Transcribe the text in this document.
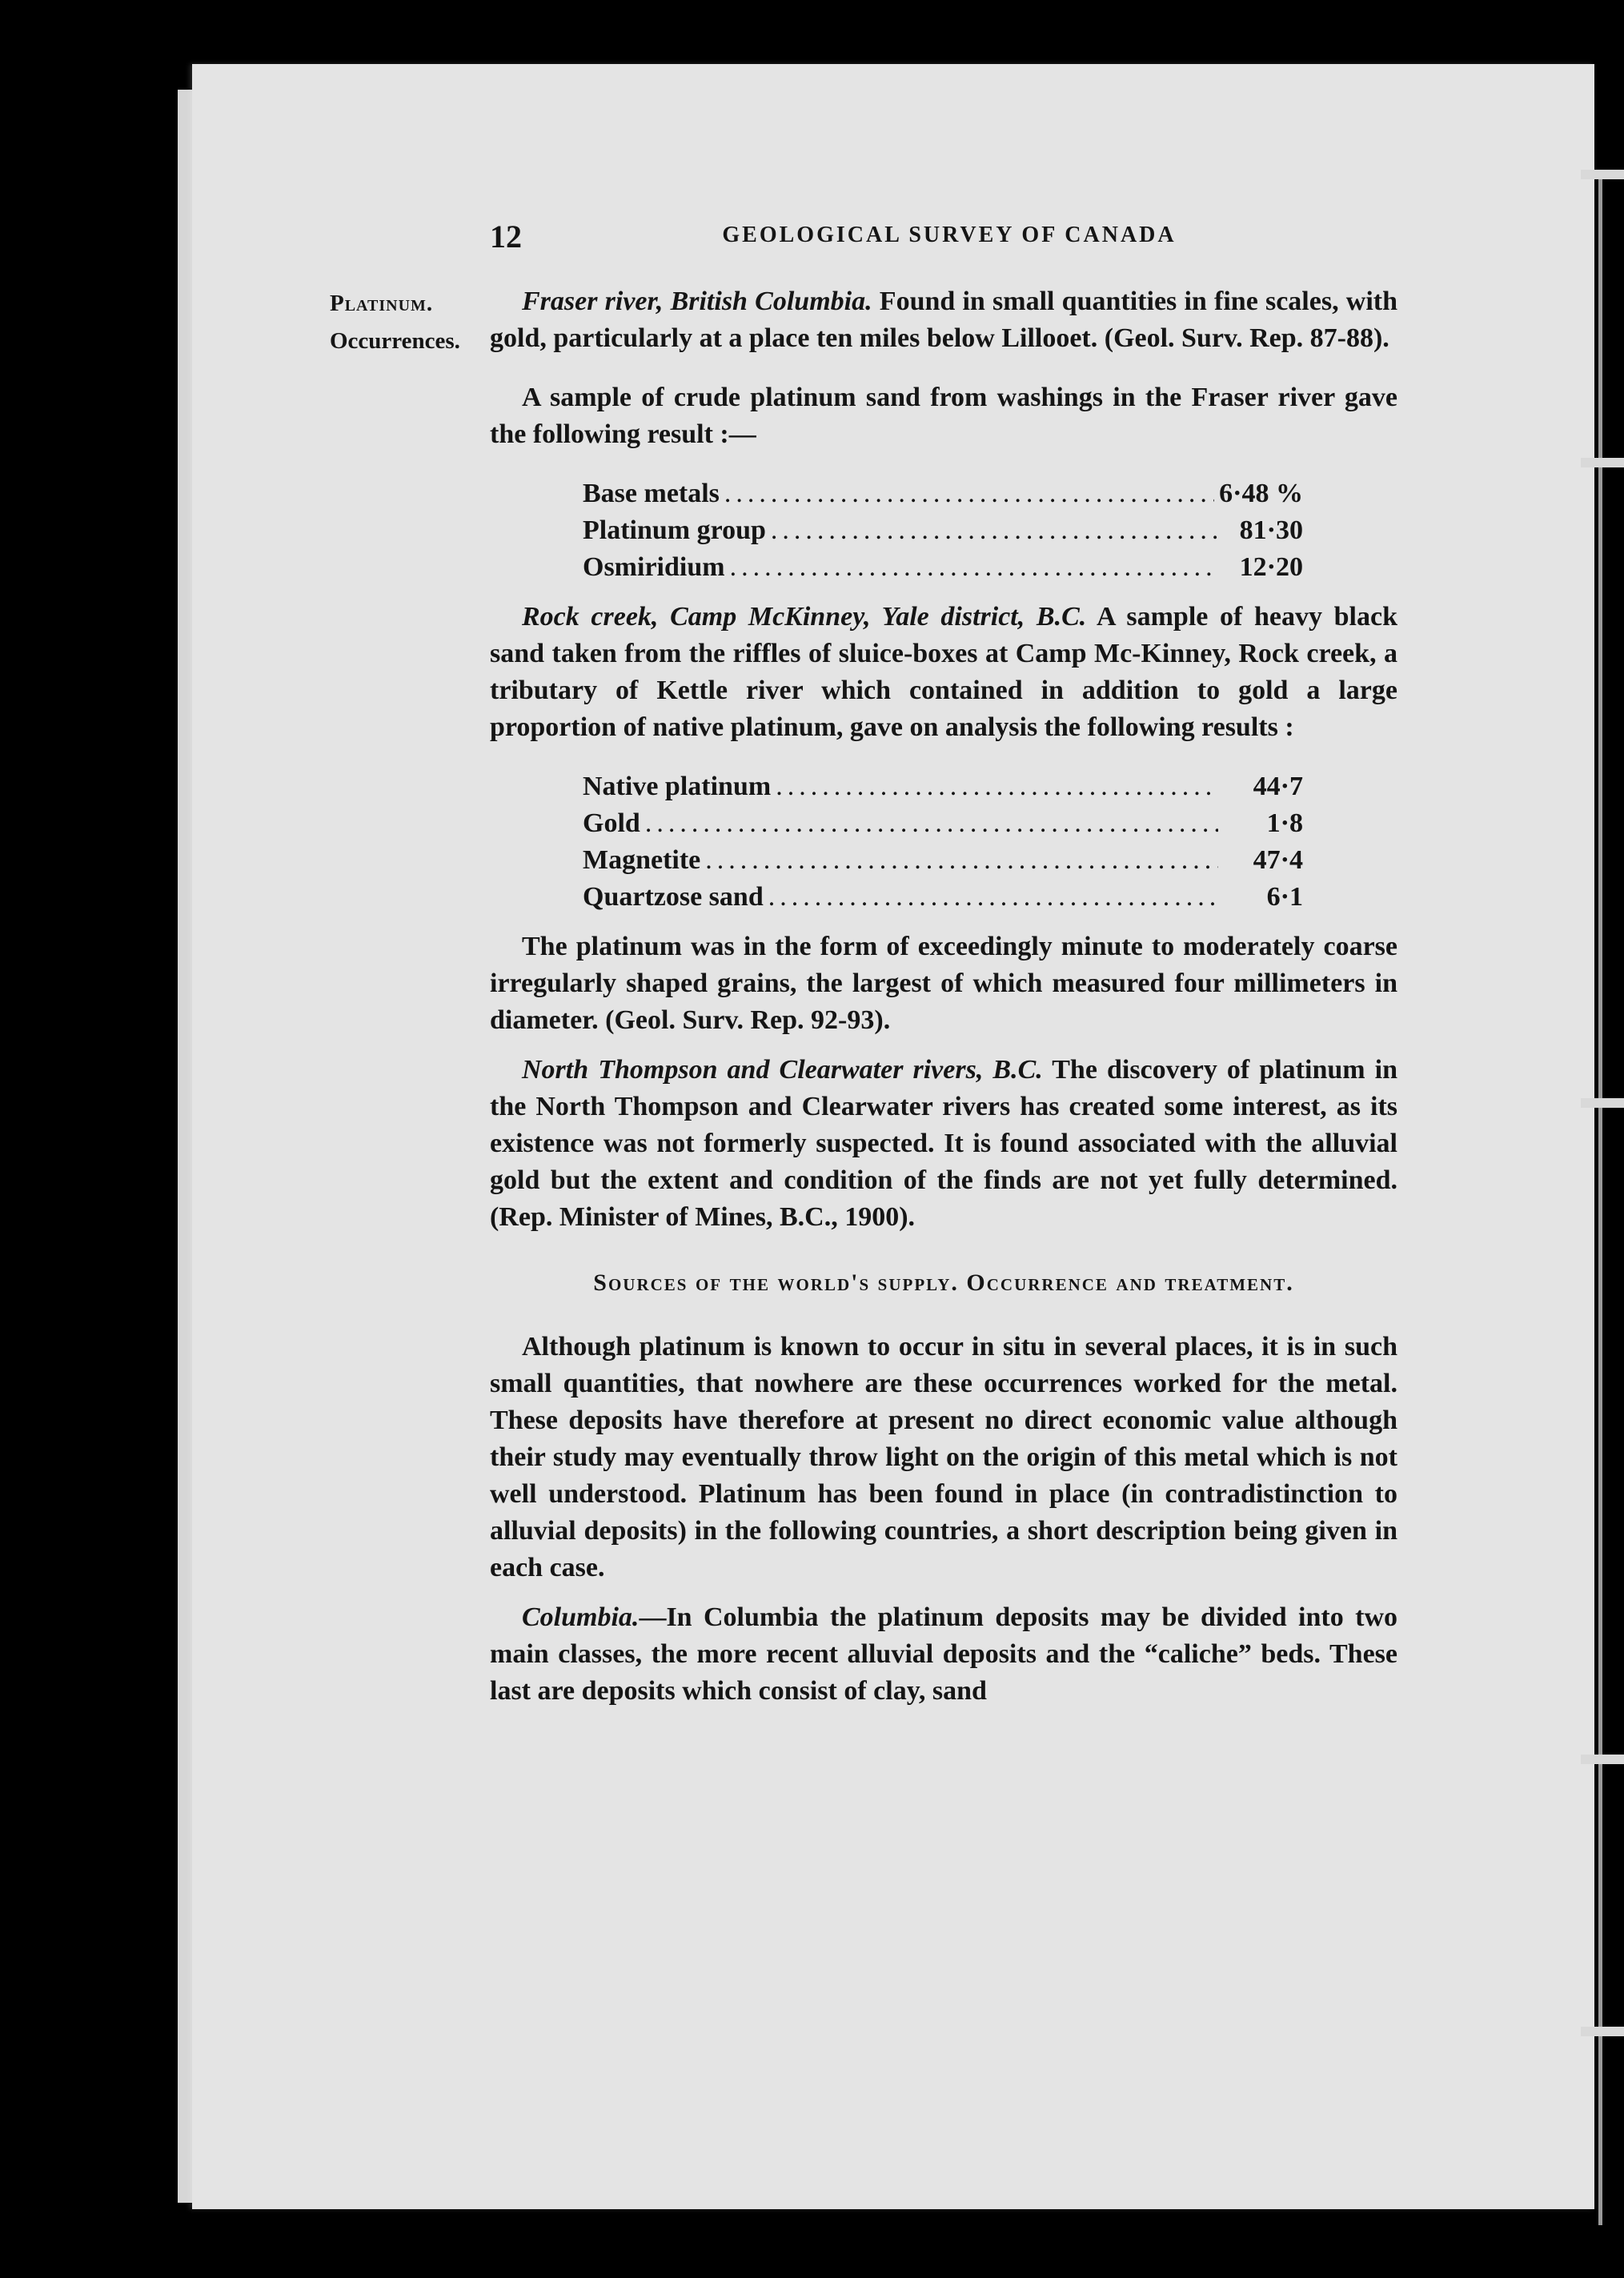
12	GEOLOGICAL SURVEY OF CANADA
Platinum.
Occurrences.

Fraser river, British Columbia. Found in small quantities in fine scales, with gold, particularly at a place ten miles below Lillooet. (Geol. Surv. Rep. 87-88).

A sample of crude platinum sand from washings in the Fraser river gave the following result :—

Base metals .....	6·48 %
Platinum group .....	81·30
Osmiridium .....	12·20

Rock creek, Camp McKinney, Yale district, B.C. A sample of heavy black sand taken from the riffles of sluice-boxes at Camp Mc-Kinney, Rock creek, a tributary of Kettle river which contained in addition to gold a large proportion of native platinum, gave on analysis the following results :

Native platinum .....	44·7
Gold .....	1·8
Magnetite .....	47·4
Quartzose sand .....	6·1

The platinum was in the form of exceedingly minute to moderately coarse irregularly shaped grains, the largest of which measured four millimeters in diameter. (Geol. Surv. Rep. 92-93).

North Thompson and Clearwater rivers, B.C. The discovery of platinum in the North Thompson and Clearwater rivers has created some interest, as its existence was not formerly suspected. It is found associated with the alluvial gold but the extent and condition of the finds are not yet fully determined. (Rep. Minister of Mines, B.C., 1900).

Sources of the world's supply. Occurrence and treatment.

Although platinum is known to occur in situ in several places, it is in such small quantities, that nowhere are these occurrences worked for the metal. These deposits have therefore at present no direct economic value although their study may eventually throw light on the origin of this metal which is not well understood. Platinum has been found in place (in contradistinction to alluvial deposits) in the following countries, a short description being given in each case.

Columbia.—In Columbia the platinum deposits may be divided into two main classes, the more recent alluvial deposits and the “caliche” beds. These last are deposits which consist of clay, sand
